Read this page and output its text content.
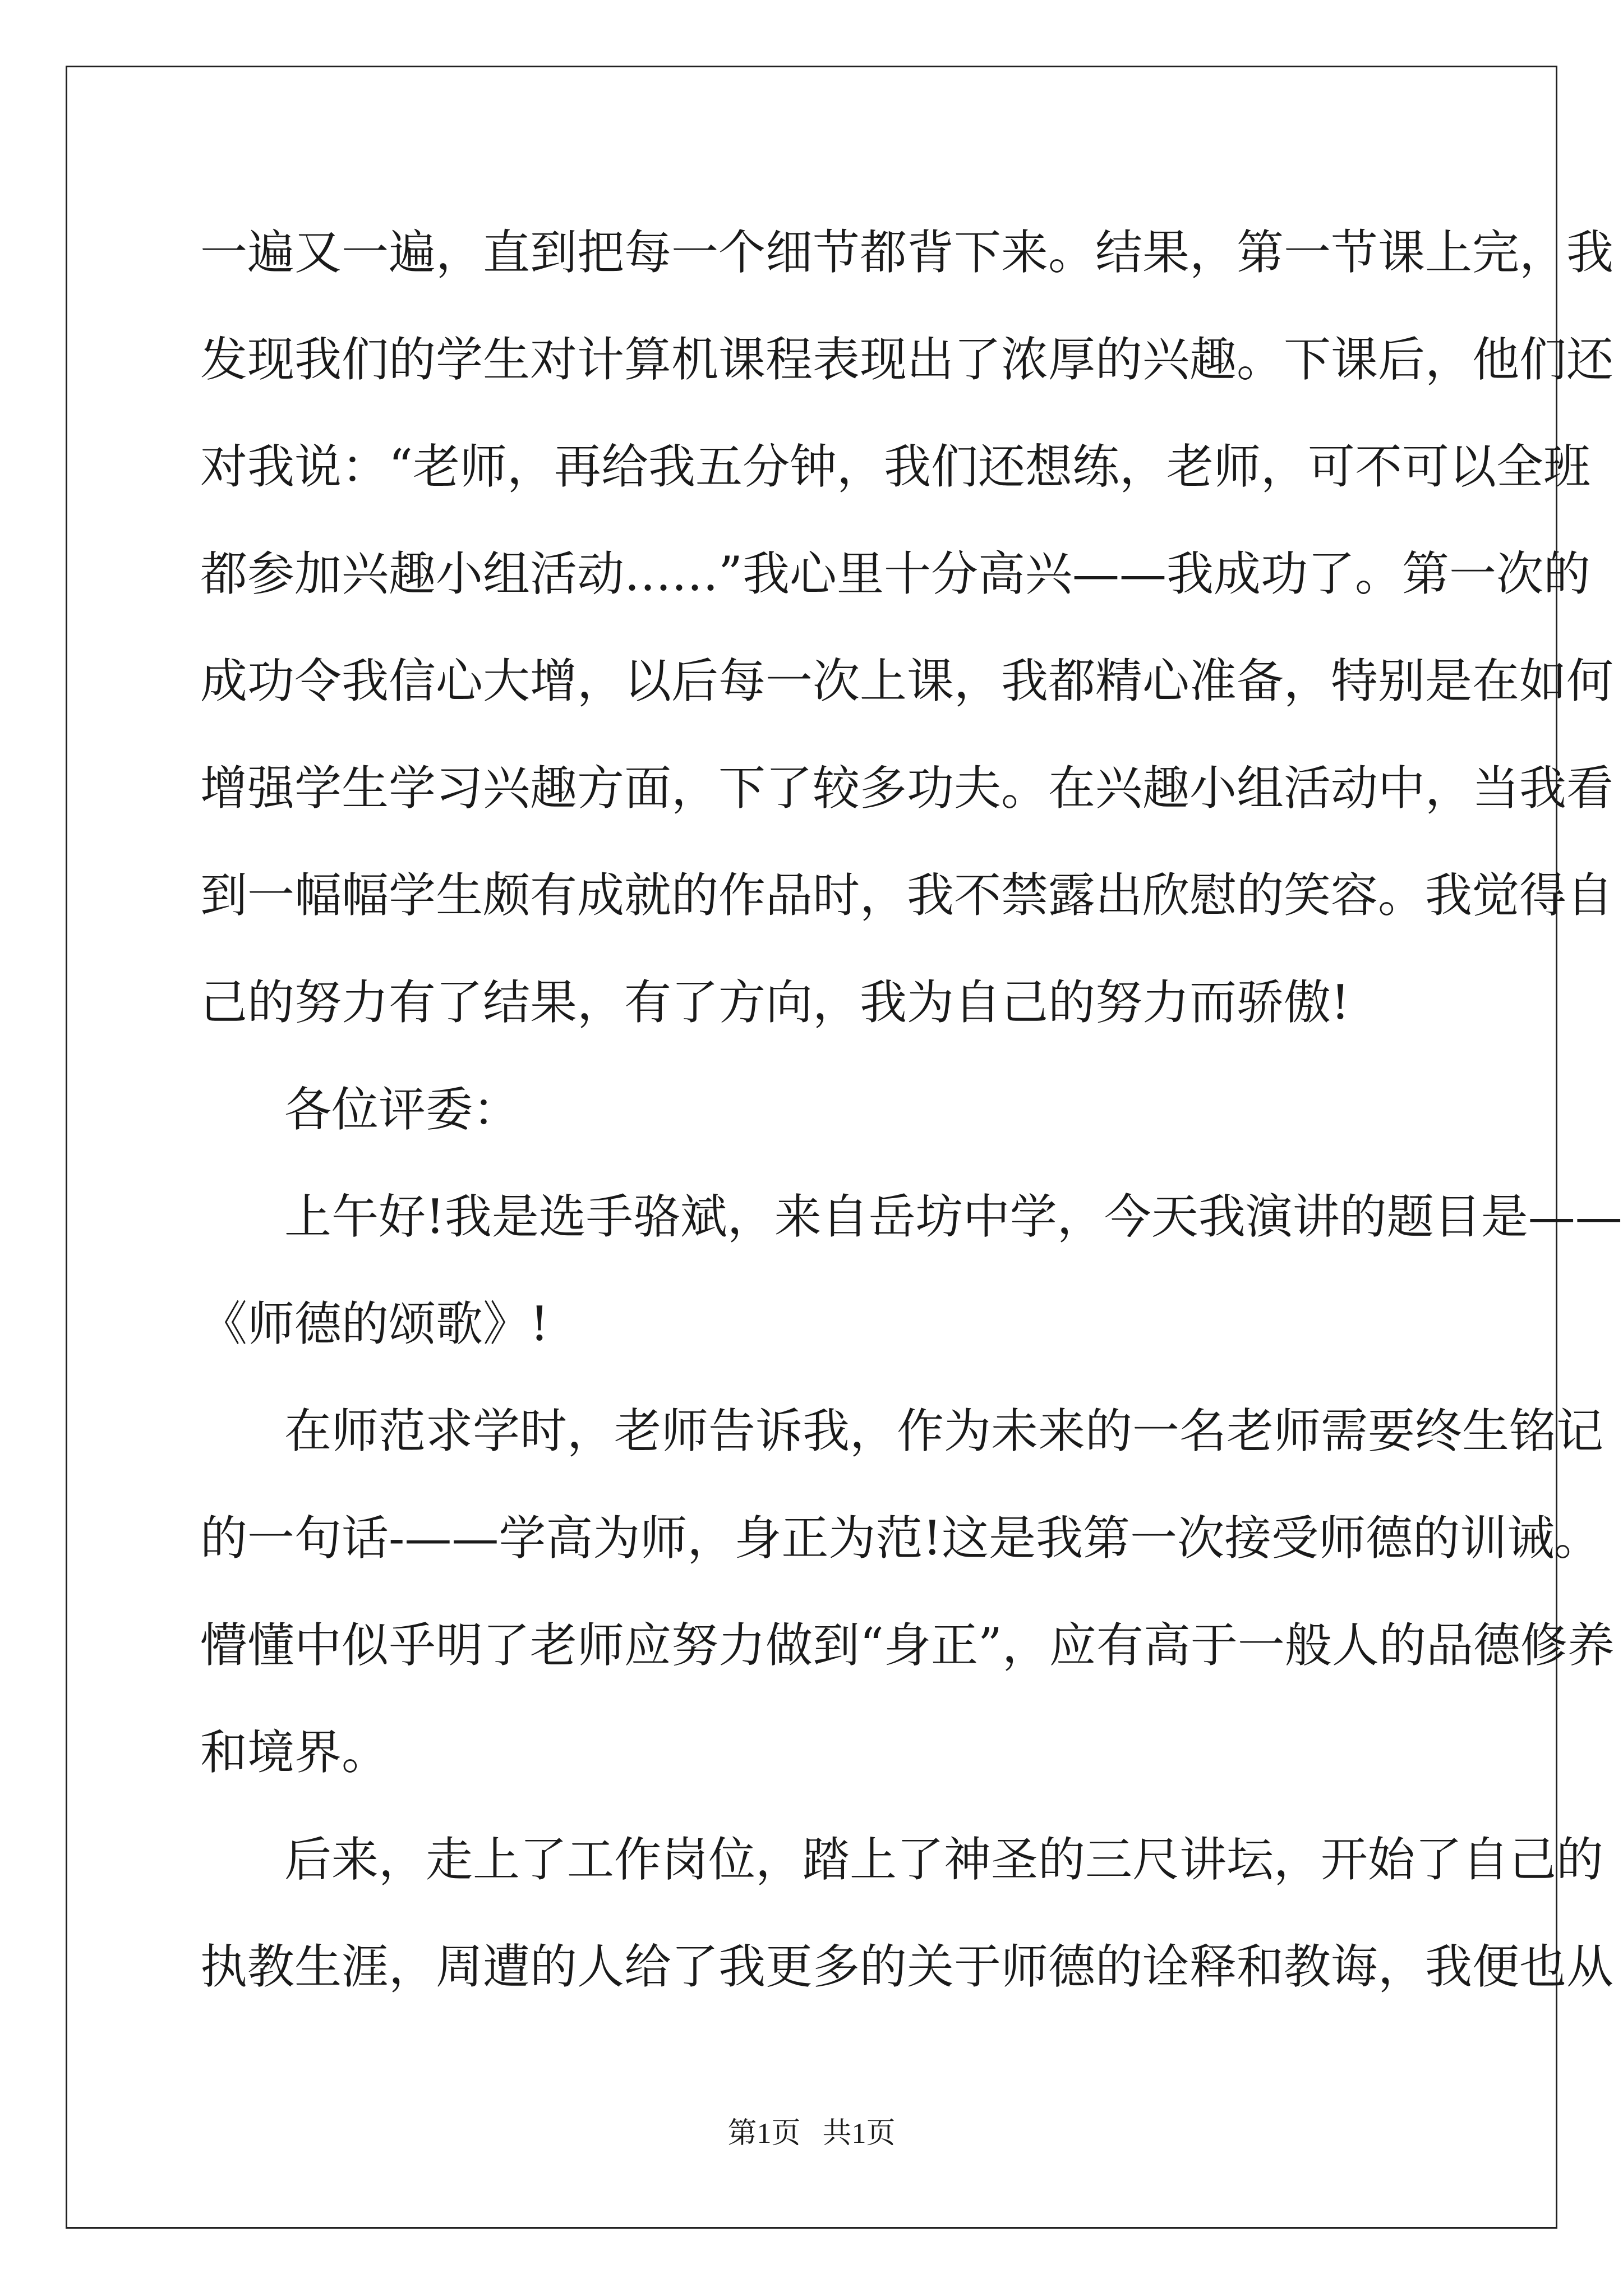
一遍又一遍，直到把每一个细节都背下来。结果，第一节课上完，我
发现我们的学生对计算机课程表现出了浓厚的兴趣。下课后，他们还
对我说：“老师，再给我五分钟，我们还想练，老师，可不可以全班
都参加兴趣小组活动……”我心里十分高兴——我成功了。第一次的
成功令我信心大增，以后每一次上课，我都精心准备，特别是在如何
增强学生学习兴趣方面，下了较多功夫。在兴趣小组活动中，当我看
到一幅幅学生颇有成就的作品时，我不禁露出欣慰的笑容。我觉得自
己的努力有了结果，有了方向，我为自己的努力而骄傲!
各位评委：
上午好!我是选手骆斌，来自岳坊中学，今天我演讲的题目是——
《师德的颂歌》!
在师范求学时，老师告诉我，作为未来的一名老师需要终生铭记
的一句话-——学高为师，身正为范!这是我第一次接受师德的训诫。
懵懂中似乎明了老师应努力做到“身正”，应有高于一般人的品德修养
和境界。
后来，走上了工作岗位，踏上了神圣的三尺讲坛，开始了自己的
执教生涯，周遭的人给了我更多的关于师德的诠释和教诲，我便也从
第1页 共1页
